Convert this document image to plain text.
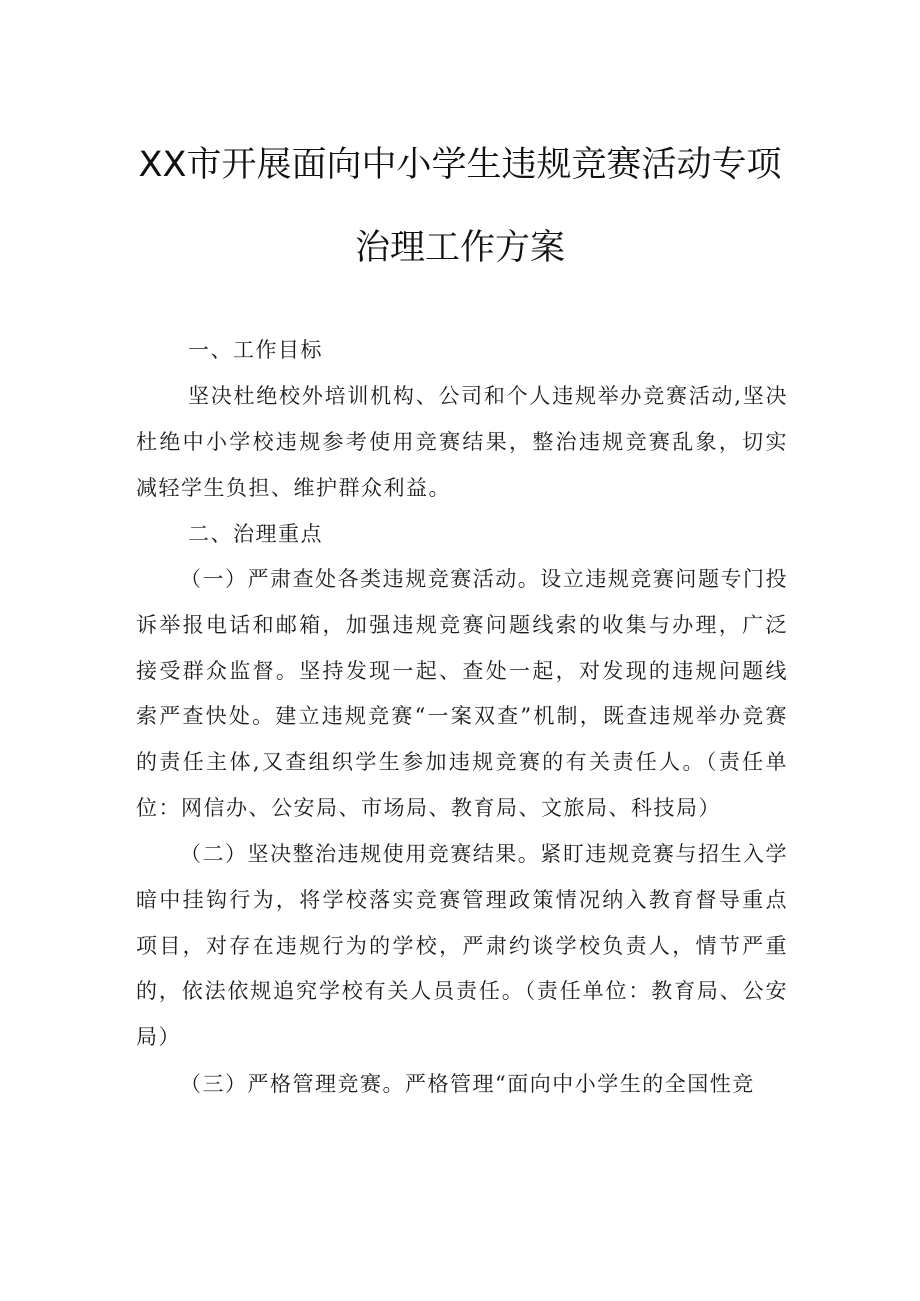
XX市开展面向中小学生违规竞赛活动专项
治理工作方案
一、工作目标

坚决杜绝校外培训机构、公司和个人违规举办竞赛活动,坚决杜绝中小学校违规参考使用竞赛结果，整治违规竞赛乱象，切实减轻学生负担、维护群众利益。

二、治理重点

（一）严肃查处各类违规竞赛活动。设立违规竞赛问题专门投诉举报电话和邮箱，加强违规竞赛问题线索的收集与办理，广泛接受群众监督。坚持发现一起、查处一起，对发现的违规问题线索严查快处。建立违规竞赛“一案双查”机制，既查违规举办竞赛的责任主体,又查组织学生参加违规竞赛的有关责任人。（责任单位：网信办、公安局、市场局、教育局、文旅局、科技局）

（二）坚决整治违规使用竞赛结果。紧盯违规竞赛与招生入学暗中挂钩行为，将学校落实竞赛管理政策情况纳入教育督导重点项目，对存在违规行为的学校，严肃约谈学校负责人，情节严重的，依法依规追究学校有关人员责任。（责任单位：教育局、公安局）

（三）严格管理竞赛。严格管理“面向中小学生的全国性竞
